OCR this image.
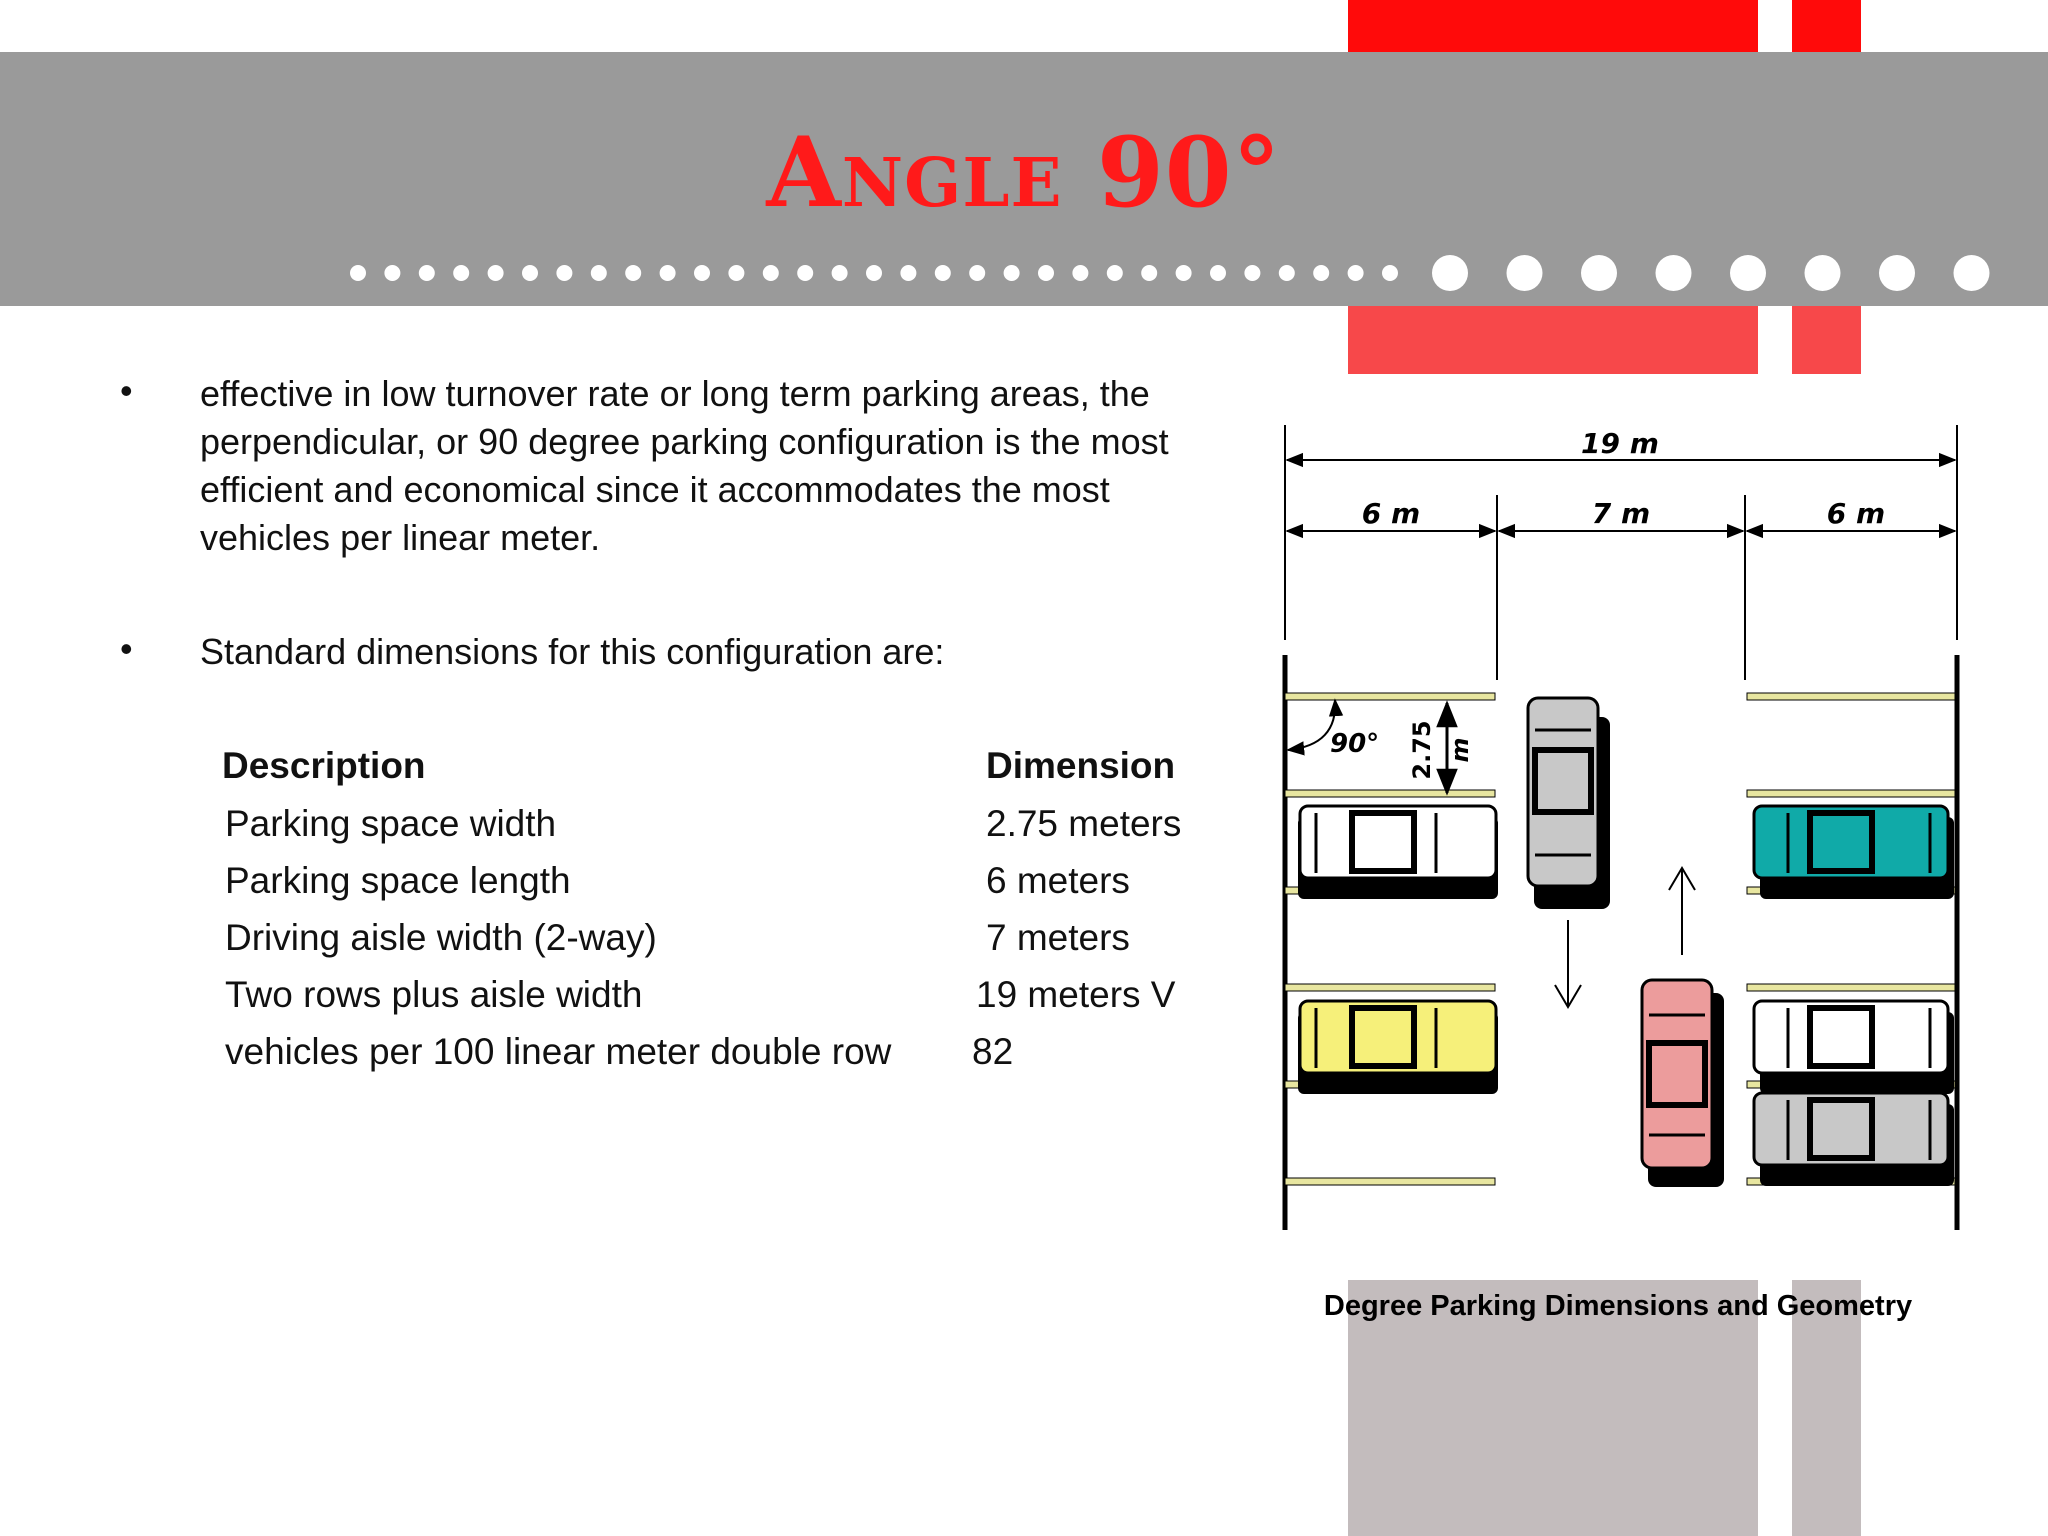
Angle 90°
• effective in low turnover rate or long term parking areas, the perpendicular, or 90 degree parking configuration is the most efficient and economical since it accommodates the most vehicles per linear meter.
• Standard dimensions for this configuration are:
Description	Dimension
Parking space width	2.75 meters
Parking space length	6 meters
Driving aisle width (2-way)	7 meters
Two rows plus aisle width	19 meters V
vehicles per 100 linear meter double row 82
19 m
6 m	7 m	6 m
90° 2.75 m
Degree Parking Dimensions and Geometry
